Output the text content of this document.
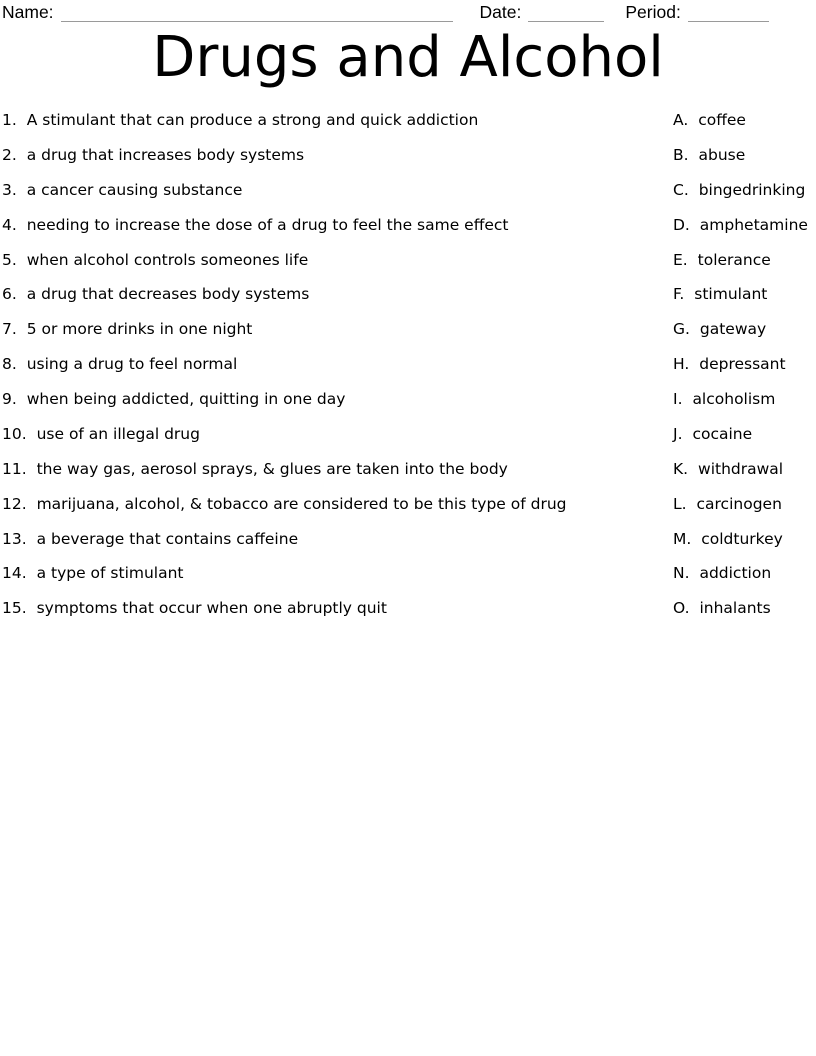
Name:	Date:	Period:
Drugs and Alcohol
1. A stimulant that can produce a strong and quick addiction	A. coffee
2. a drug that increases body systems	B. abuse
3. a cancer causing substance	C. bingedrinking
4. needing to increase the dose of a drug to feel the same effect	D. amphetamine
5. when alcohol controls someones life	E. tolerance
6. a drug that decreases body systems	F. stimulant
7. 5 or more drinks in one night	G. gateway
8. using a drug to feel normal	H. depressant
9. when being addicted, quitting in one day	I. alcoholism
10. use of an illegal drug	J. cocaine
11. the way gas, aerosol sprays, & glues are taken into the body	K. withdrawal
12. marijuana, alcohol, & tobacco are considered to be this type of drug	L. carcinogen
13. a beverage that contains caffeine	M. coldturkey
14. a type of stimulant	N. addiction
15. symptoms that occur when one abruptly quit	O. inhalants
